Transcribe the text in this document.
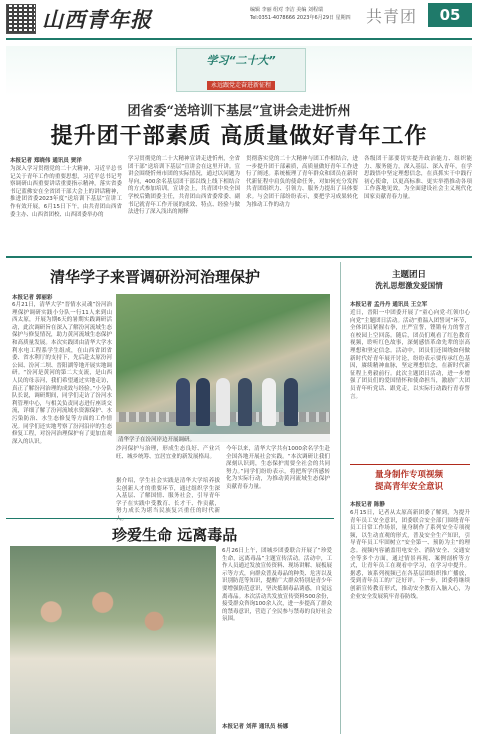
山西青年报	编辑 李丽 组对 李洁 美编 刘程瑞
Tel:0351-4078666 2023年6月29日 星期四 共青团	05
学习“二十大”
永远跟党走奋进新征程
团省委“送培训下基层”宣讲会走进忻州
提升团干部素质 高质量做好青年工作
本报记者 郑晓伟 通讯员 贾洋
为深入学习贯彻党的二十大精神，习近平总书记关于青年工作的重要思想，习近平总书记考察调研山西重要讲话重要指示精神，落实省委书记蓝佛安在全省团干部大会上的讲话精神，推进团省委2023年度“送培训下基层”宣讲工作有效开展，6月15日下午，由共青团山西省委主办、山西省团校、山西团委举办的
学习贯彻党的二十大精神宣讲走进忻州，全省团干部“送培训下基层”宣讲会在这里开讲。宣讲会围绕忻州市团的实际情况，通过以问题为导向，400余名基层团干部以线上线下相结合的方式参加培训。宣讲会上，共青团中央全国学校后勤团委主任，共青团山西省委常委、副书记就青年工作开展的成效、特点、经验与做法进行了深入浅出的阐释
贯彻落实党的二十大精神与团工作相结合，进一步提升团干部素质，高质量做好青年工作进行了阐述。系统梳理了青年群众和团员在新时代新征程中肩负的使命任务，对如何充分发挥共青团组织力、引领力、服务力提出了具体要求。与会团干部纷纷表示，要把学习成果转化为推动工作的动力
各级团干部要切实提升政治能力、组织能力、服务能力，深入基层、深入青年，在学思践悟中坚定理想信念，在真抓实干中践行初心使命，以更高标准、更实举措推动各项工作落地见效，为全面建设社会主义现代化国家贡献青春力量。
清华学子来晋调研汾河治理保护
本报记者 郭丽彩
6月21日，清华大学“晋情水灵魂”汾河治理保护调研实践小分队一行11人来到山西太原，开展为期6天的暑期实践调研活动，此次调研旨在深入了解汾河流域生态保护与修复情况，助力黄河流域生态保护和高质量发展。本次实践团由清华大学水利水电工程系学生组成，在山西省团省委、省水利厅的支持下，先后赴太原汾河公园、汾河二坝、晋阳湖等地开展实地调研。“汾河是黄河的第二大支流，是山西人民的母亲河，我们希望通过实地走访，真正了解汾河治理的成效与经验。”小分队队长说，调研期间，同学们走访了汾河水利管理中心，与相关负责同志进行座谈交流，详细了解了汾河流域水资源保护、水污染防治、水生态修复等方面的工作情况。同学们还实地考察了汾河沿岸的生态修复工程，对汾河治理保护有了更加直观深入的认识。	清华学子在汾河岸边开展调研。
沙河保护与治理，形成生态良好、产业兴旺、城乡统筹、宜居宜业的新发展格局。
今年以来，清华大学共有1000余名学生赴全国各地开展社会实践。“本次调研让我们深刻认识到，生态保护需要全社会的共同努力。”同学们纷纷表示，将把所学所感转化为实际行动，为推动黄河流域生态保护贡献青春力量。
据介绍，学生社会实践是清华大学培养拔尖创新人才的重要环节，通过组织学生深入基层、了解国情、服务社会，引导青年学子在实践中受教育、长才干、作贡献，努力成长为堪当民族复兴重任的时代新
主题团日
洗礼思想激发爱国情
本报记者 孟丹丹 通讯员 王立军
近日，晋阳一中团委开展了“童心向党·红领巾心向党”主题团日活动。活动“重温入团誓词”环节，全体团员紧握右拳，庄严宣誓，铿锵有力的誓言在校园上空回荡。随后，团员们观看了红色教育视频，聆听红色故事，深刻感悟革命先辈的崇高理想和坚定信念。活动中，团员们还围绕如何做新时代好青年展开讨论，纷纷表示要传承红色基因，赓续精神血脉，坚定理想信念，在新时代新征程上勇毅前行。此次主题团日活动，进一步增强了团员们的爱国情怀和使命担当，激励广大团员青年听党话、跟党走，以实际行动践行青春誓言。
量身制作专项视频
提高青年安全意识
本报记者 陈静
6月15日，记者从太原高新团委了解到，为提升青年员工安全意识，团委联合安全部门围绕青年员工日常工作场景，量身制作了系列安全专项视频，以生动直观的形式，普及安全生产知识，引导青年员工牢固树立“安全第一、预防为主”的理念。视频内容涵盖用电安全、消防安全、交通安全等多个方面，通过情景再现、案例剖析等方式，让青年员工在观看中学习，在学习中提升。据悉，该系列视频已在各基层团组织推广播放，受到青年员工的广泛好评。下一步，团委将继续创新宣传教育形式，推动安全教育入脑入心，为企业安全发展筑牢青春防线。
珍爱生命 远离毒品
6月26日上午，团城乡团委联合开展了“珍爱生命，远离毒品”主题宣传活动。活动中，工作人员通过发放宣传资料、现场讲解、展板展示等方式，向群众普及毒品的种类、危害以及识别防范等知识，提醒广大群众特别是青少年要增强防范意识，坚决抵制毒品诱惑，自觉远离毒品。本次活动共发放宣传资料500余份，接受群众咨询100余人次，进一步提高了群众的禁毒意识，营造了全民参与禁毒的良好社会氛围。
本报记者 刘萍 通讯员 杨娜
